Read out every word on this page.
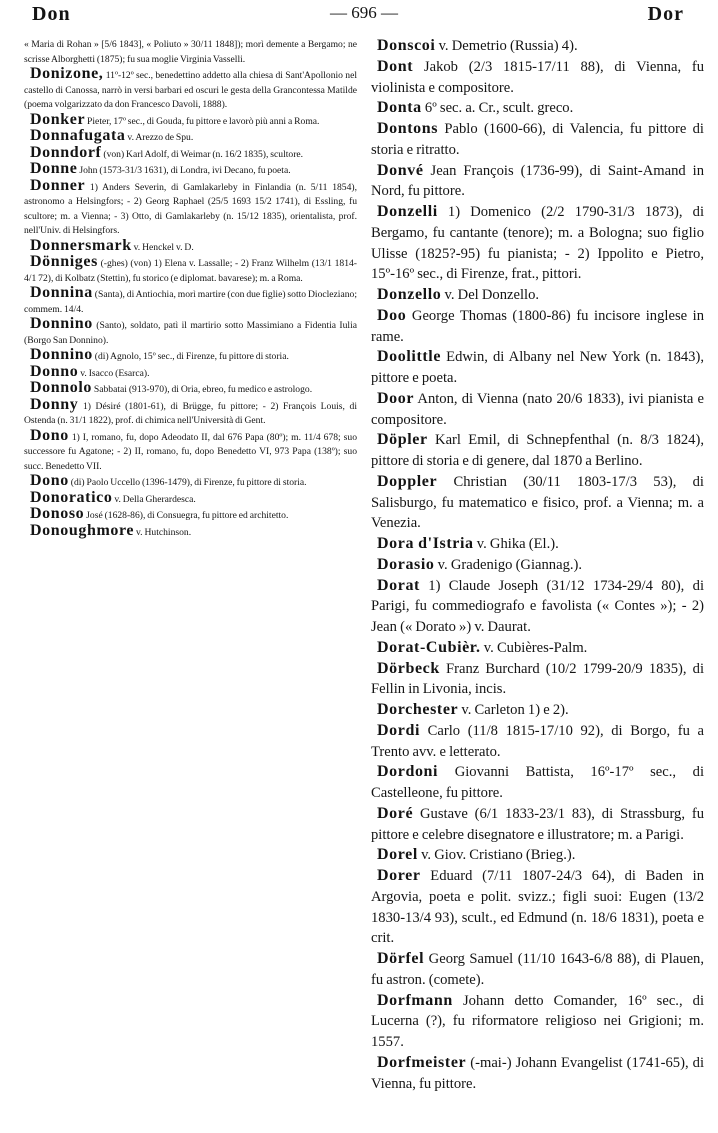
Don	— 696 —	Dor

« Maria di Rohan » [5/6 1843], « Poliuto » 30/11 1848]); morì demente a Bergamo; ne scrisse Alborghetti (1875); fu sua moglie Virginia Vasselli.

Donizone, 11º-12º sec., benedettino addetto alla chiesa di Sant'Apollonio nel castello di Canossa, narrò in versi barbari ed oscuri le gesta della Grancontessa Matilde (poema volgarizzato da don Francesco Davoli, 1888).

Donker Pieter, 17º sec., di Gouda, fu pittore e lavorò più anni a Roma.

Donnafugata v. Arezzo de Spu.

Donndorf (von) Karl Adolf, di Weimar (n. 16/2 1835), scultore.

Donne John (1573-31/3 1631), di Londra, ivi Decano, fu poeta.

Donner 1) Anders Severin, di Gamlakarleby in Finlandia (n. 5/11 1854), astronomo a Helsingfors; - 2) Georg Raphael (25/5 1693 15/2 1741), di Essling, fu scultore; m. a Vienna; - 3) Otto, di Gamlakarleby (n. 15/12 1835), orientalista, prof. nell'Univ. di Helsingfors.

Donnersmark v. Henckel v. D.

Dönniges (-ghes) (von) 1) Elena v. Lassalle; - 2) Franz Wilhelm (13/1 1814-4/1 72), di Kolbatz (Stettin), fu storico (e diplomat. bavarese); m. a Roma.

Donnina (Santa), di Antiochia, morì martire (con due figlie) sotto Diocleziano; commem. 14/4.

Donnino (Santo), soldato, patì il martirio sotto Massimiano a Fidentia Iulia (Borgo San Donnino).

Donnino (di) Agnolo, 15º sec., di Firenze, fu pittore di storia.

Donno v. Isacco (Esarca).

Donnolo Sabbatai (913-970), di Oria, ebreo, fu medico e astrologo.

Donny 1) Désiré (1801-61), di Brügge, fu pittore; - 2) François Louis, di Ostenda (n. 31/1 1822), prof. di chimica nell'Università di Gent.

Dono 1) I, romano, fu, dopo Adeodato II, dal 676 Papa (80º); m. 11/4 678; suo successore fu Agatone; - 2) II, romano, fu, dopo Benedetto VI, 973 Papa (138º); suo succ. Benedetto VII.

Dono (di) Paolo Uccello (1396-1479), di Firenze, fu pittore di storia.

Donoratico v. Della Gherardesca.

Donoso José (1628-86), di Consuegra, fu pittore ed architetto.

Donoughmore v. Hutchinson.

Donscoi v. Demetrio (Russia) 4).

Dont Jakob (2/3 1815-17/11 88), di Vienna, fu violinista e compositore.

Donta 6º sec. a. Cr., scult. greco.

Dontons Pablo (1600-66), di Valencia, fu pittore di storia e ritratto.

Donvé Jean François (1736-99), di Saint-Amand in Nord, fu pittore.

Donzelli 1) Domenico (2/2 1790-31/3 1873), di Bergamo, fu cantante (tenore); m. a Bologna; suo figlio Ulisse (1825?-95) fu pianista; - 2) Ippolito e Pietro, 15º-16º sec., di Firenze, frat., pittori.

Donzello v. Del Donzello.

Doo George Thomas (1800-86) fu incisore inglese in rame.

Doolittle Edwin, di Albany nel New York (n. 1843), pittore e poeta.

Door Anton, di Vienna (nato 20/6 1833), ivi pianista e compositore.

Döpler Karl Emil, di Schnepfenthal (n. 8/3 1824), pittore di storia e di genere, dal 1870 a Berlino.

Doppler Christian (30/11 1803-17/3 53), di Salisburgo, fu matematico e fisico, prof. a Vienna; m. a Venezia.

Dora d'Istria v. Ghika (El.).

Dorasio v. Gradenigo (Giannag.).

Dorat 1) Claude Joseph (31/12 1734-29/4 80), di Parigi, fu commediografo e favolista (« Contes »); - 2) Jean (« Dorato ») v. Daurat.

Dorat-Cubièr. v. Cubières-Palm.

Dörbeck Franz Burchard (10/2 1799-20/9 1835), di Fellin in Livonia, incis.

Dorchester v. Carleton 1) e 2).

Dordi Carlo (11/8 1815-17/10 92), di Borgo, fu a Trento avv. e letterato.

Dordoni Giovanni Battista, 16º-17º sec., di Castelleone, fu pittore.

Doré Gustave (6/1 1833-23/1 83), di Strassburg, fu pittore e celebre disegnatore e illustratore; m. a Parigi.

Dorel v. Giov. Cristiano (Brieg.).

Dorer Eduard (7/11 1807-24/3 64), di Baden in Argovia, poeta e polit. svizz.; figli suoi: Eugen (13/2 1830-13/4 93), scult., ed Edmund (n. 18/6 1831), poeta e crit.

Dörfel Georg Samuel (11/10 1643-6/8 88), di Plauen, fu astron. (comete).

Dorfmann Johann detto Comander, 16º sec., di Lucerna (?), fu riformatore religioso nei Grigioni; m. 1557.

Dorfmeister (-mai-) Johann Evangelist (1741-65), di Vienna, fu pittore.
